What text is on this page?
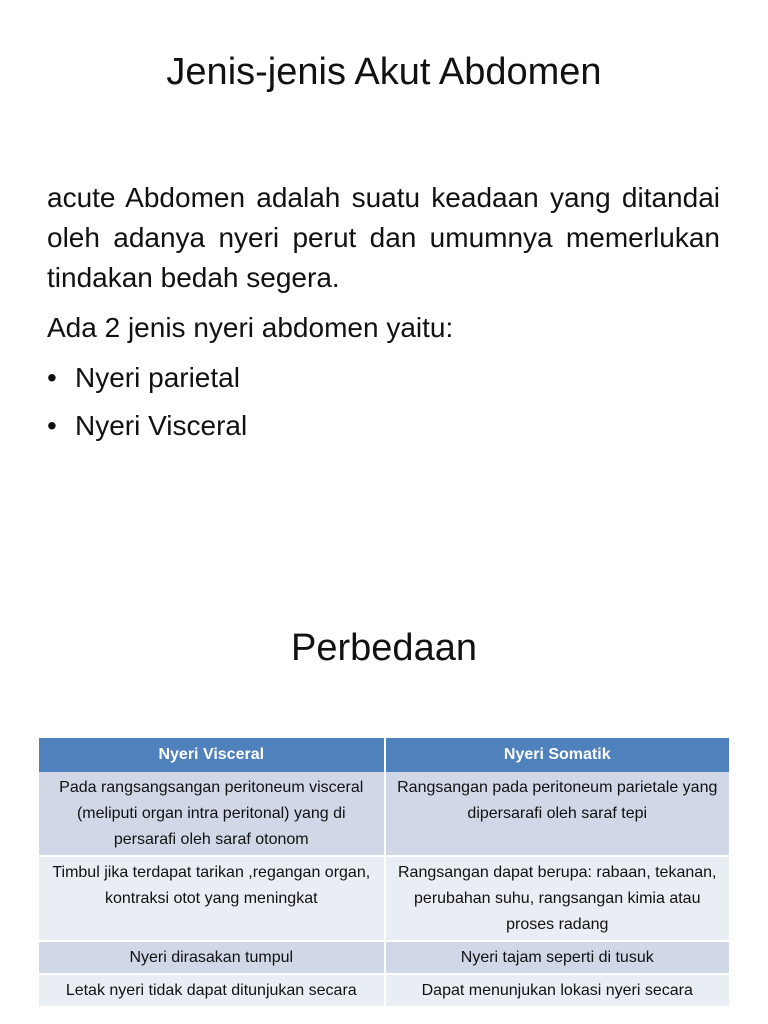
Jenis-jenis Akut Abdomen

acute Abdomen adalah suatu keadaan yang ditandai oleh adanya nyeri perut dan umumnya memerlukan tindakan bedah segera.

Ada 2 jenis nyeri abdomen yaitu:
• Nyeri parietal
• Nyeri Visceral
Perbedaan
Nyeri Visceral	Nyeri Somatik
Pada rangsangsangan peritoneum visceral (meliputi organ intra peritonal) yang di persarafi oleh saraf otonom	Rangsangan pada peritoneum parietale yang dipersarafi oleh saraf tepi
Timbul jika terdapat tarikan ,regangan organ, kontraksi otot yang meningkat	Rangsangan dapat berupa: rabaan, tekanan, perubahan suhu, rangsangan kimia atau proses radang
Nyeri dirasakan tumpul	Nyeri tajam seperti di tusuk
Letak nyeri tidak dapat ditunjukan secara	Dapat menunjukan lokasi nyeri secara
